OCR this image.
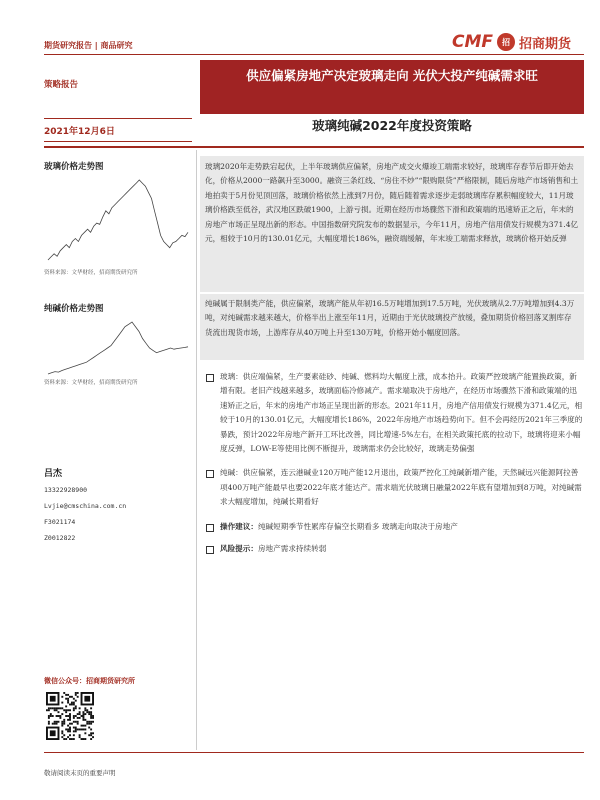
期货研究报告 | 商品研究	CMF	招 招商期货
策略报告
供应偏紧房地产决定玻璃走向 光伏大投产纯碱需求旺
2021年12月6日	玻璃纯碱2022年度投资策略
玻璃价格走势图
资料来源：文华财经，招商期货研究所
纯碱价格走势图
资料来源：文华财经，招商期货研究所
吕杰
13322928900
Lvjie@cmschina.com.cn
F3021174
Z0012822
微信公众号：招商期货研究所
玻璃2020年走势跌宕起伏，上半年玻璃供应偏紧，房地产成交火爆竣工端需求较好，玻璃库存春节后即开始去化，价格从2000一路飙升至3000。融资三条红线、“房住不炒”“限购限贷”严格限制，随后房地产市场销售和土地拍卖于5月份见顶回落，玻璃价格依然上涨到7月份，随后随着需求逐步走弱玻璃库存累积幅度较大，11月玻璃价格跌至低谷，武汉地区跌破1900，上游亏损。近期在经历市场骤然下滑和政策端的迅速矫正之后，年末的房地产市场正呈现出新的形态。中国指数研究院发布的数据显示，今年11月，房地产信用债发行规模为371.4亿元，相较于10月的130.01亿元，大幅度增长186%，融资端缓解，年末竣工端需求释放，玻璃价格开始反弹
纯碱属于限制类产能，供应偏紧，玻璃产能从年初16.5万吨增加到17.5万吨，光伏玻璃从2.7万吨增加到4.3万吨，对纯碱需求越来越大，价格半出上涨至年11月，近期由于光伏玻璃投产放缓，叠加期货价格回落叉割库存货流出现货市场，上游库存从40万吨上升至130万吨，价格开始小幅度回落。
玻璃：供应端偏紧，生产要素硅砂、纯碱、燃料均大幅度上涨，成本抬升。政策严控玻璃产能置换政策，新增有限。老旧产线越来越多，玻璃面临冷修减产。需求端取决于房地产，在经历市场骤然下滑和政策端的迅速矫正之后，年末的房地产市场正呈现出新的形态。2021年11月，房地产信用债发行规模为371.4亿元，相较于10月的130.01亿元，大幅度增长186%，2022年房地产市场趋势向下。但不会再经历2021年三季度的暴跌，预计2022年房地产新开工环比改善，同比增速-5%左右，在相关政策托底的拉动下，玻璃将迎来小幅度反弹，LOW-E等使用比例不断提升，玻璃需求仍会比较好，玻璃走势偏强
纯碱：供应偏紧，连云港碱业120万吨产能12月退出，政策严控化工纯碱新增产能，天然碱远兴能源阿拉善项400万吨产能最早也要2022年底才能达产。需求端光伏玻璃日融量2022年底有望增加到8万吨，对纯碱需求大幅度增加，纯碱长期看好
操作建议：纯碱短期季节性累库存偏空长期看多 玻璃走向取决于房地产
风险提示：房地产需求持续转弱
敬请阅读末页的重要声明
